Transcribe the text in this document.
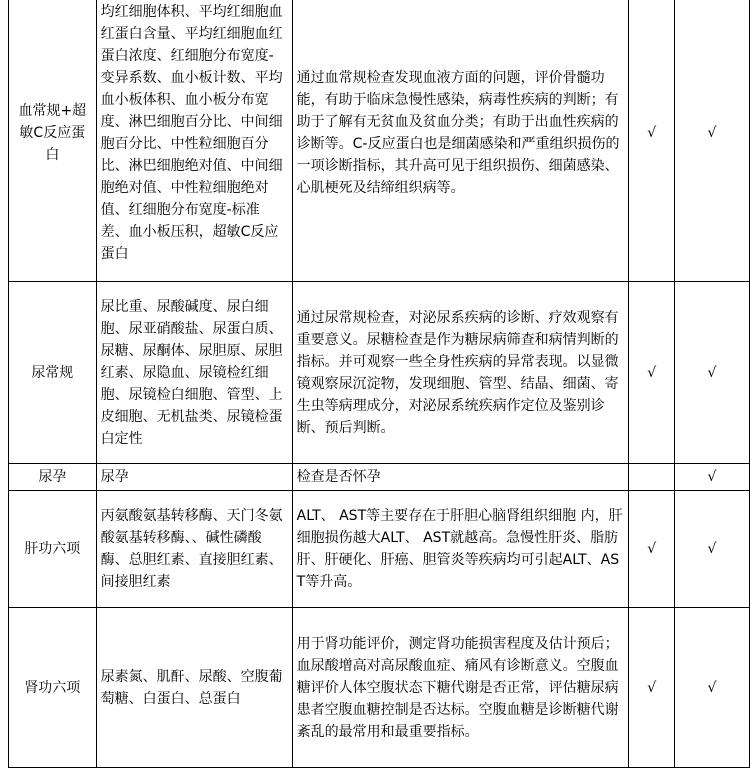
血常规+超敏C反应蛋白	均红细胞体积、平均红细胞血红蛋白含量、平均红细胞血红蛋白浓度、红细胞分布宽度-变异系数、血小板计数、平均血小板体积、血小板分布宽度、淋巴细胞百分比、中间细胞百分比、中性粒细胞百分比、淋巴细胞绝对值、中间细胞绝对值、中性粒细胞绝对值、红细胞分布宽度-标准差、血小板压积，超敏C反应蛋白	通过血常规检查发现血液方面的问题，评价骨髓功能，有助于临床急慢性感染，病毒性疾病的判断；有助于了解有无贫血及贫血分类；有助于出血性疾病的诊断等。C-反应蛋白也是细菌感染和严重组织损伤的一项诊断指标，其升高可见于组织损伤、细菌感染、心肌梗死及结缔组织病等。	√	√
尿常规	尿比重、尿酸碱度、尿白细胞、尿亚硝酸盐、尿蛋白质、尿糖、尿酮体、尿胆原、尿胆红素、尿隐血、尿镜检红细胞、尿镜检白细胞、管型、上皮细胞、无机盐类、尿镜检蛋白定性	通过尿常规检查，对泌尿系疾病的诊断、疗效观察有重要意义。尿糖检查是作为糖尿病筛查和病情判断的指标。并可观察一些全身性疾病的异常表现。以显微镜观察尿沉淀物，发现细胞、管型、结晶、细菌、寄生虫等病理成分，对泌尿系统疾病作定位及鉴别诊断、预后判断。	√	√
尿孕	尿孕	检查是否怀孕		√
肝功六项	丙氨酸氨基转移酶、天门冬氨酸氨基转移酶、、碱性磷酸酶、总胆红素、直接胆红素、间接胆红素	ALT、 AST等主要存在于肝胆心脑肾组织细胞 内，肝细胞损伤越大ALT、 AST就越高。急慢性肝炎、脂肪肝、肝硬化、肝癌、胆管炎等疾病均可引起ALT、AST等升高。	√	√
肾功六项	尿素氮、肌酐、尿酸、空腹葡萄糖、白蛋白、总蛋白	用于肾功能评价，测定肾功能损害程度及估计预后；血尿酸增高对高尿酸血症、痛风有诊断意义。空腹血糖评价人体空腹状态下糖代谢是否正常，评估糖尿病患者空腹血糖控制是否达标。空腹血糖是诊断糖代谢紊乱的最常用和最重要指标。	√	√
